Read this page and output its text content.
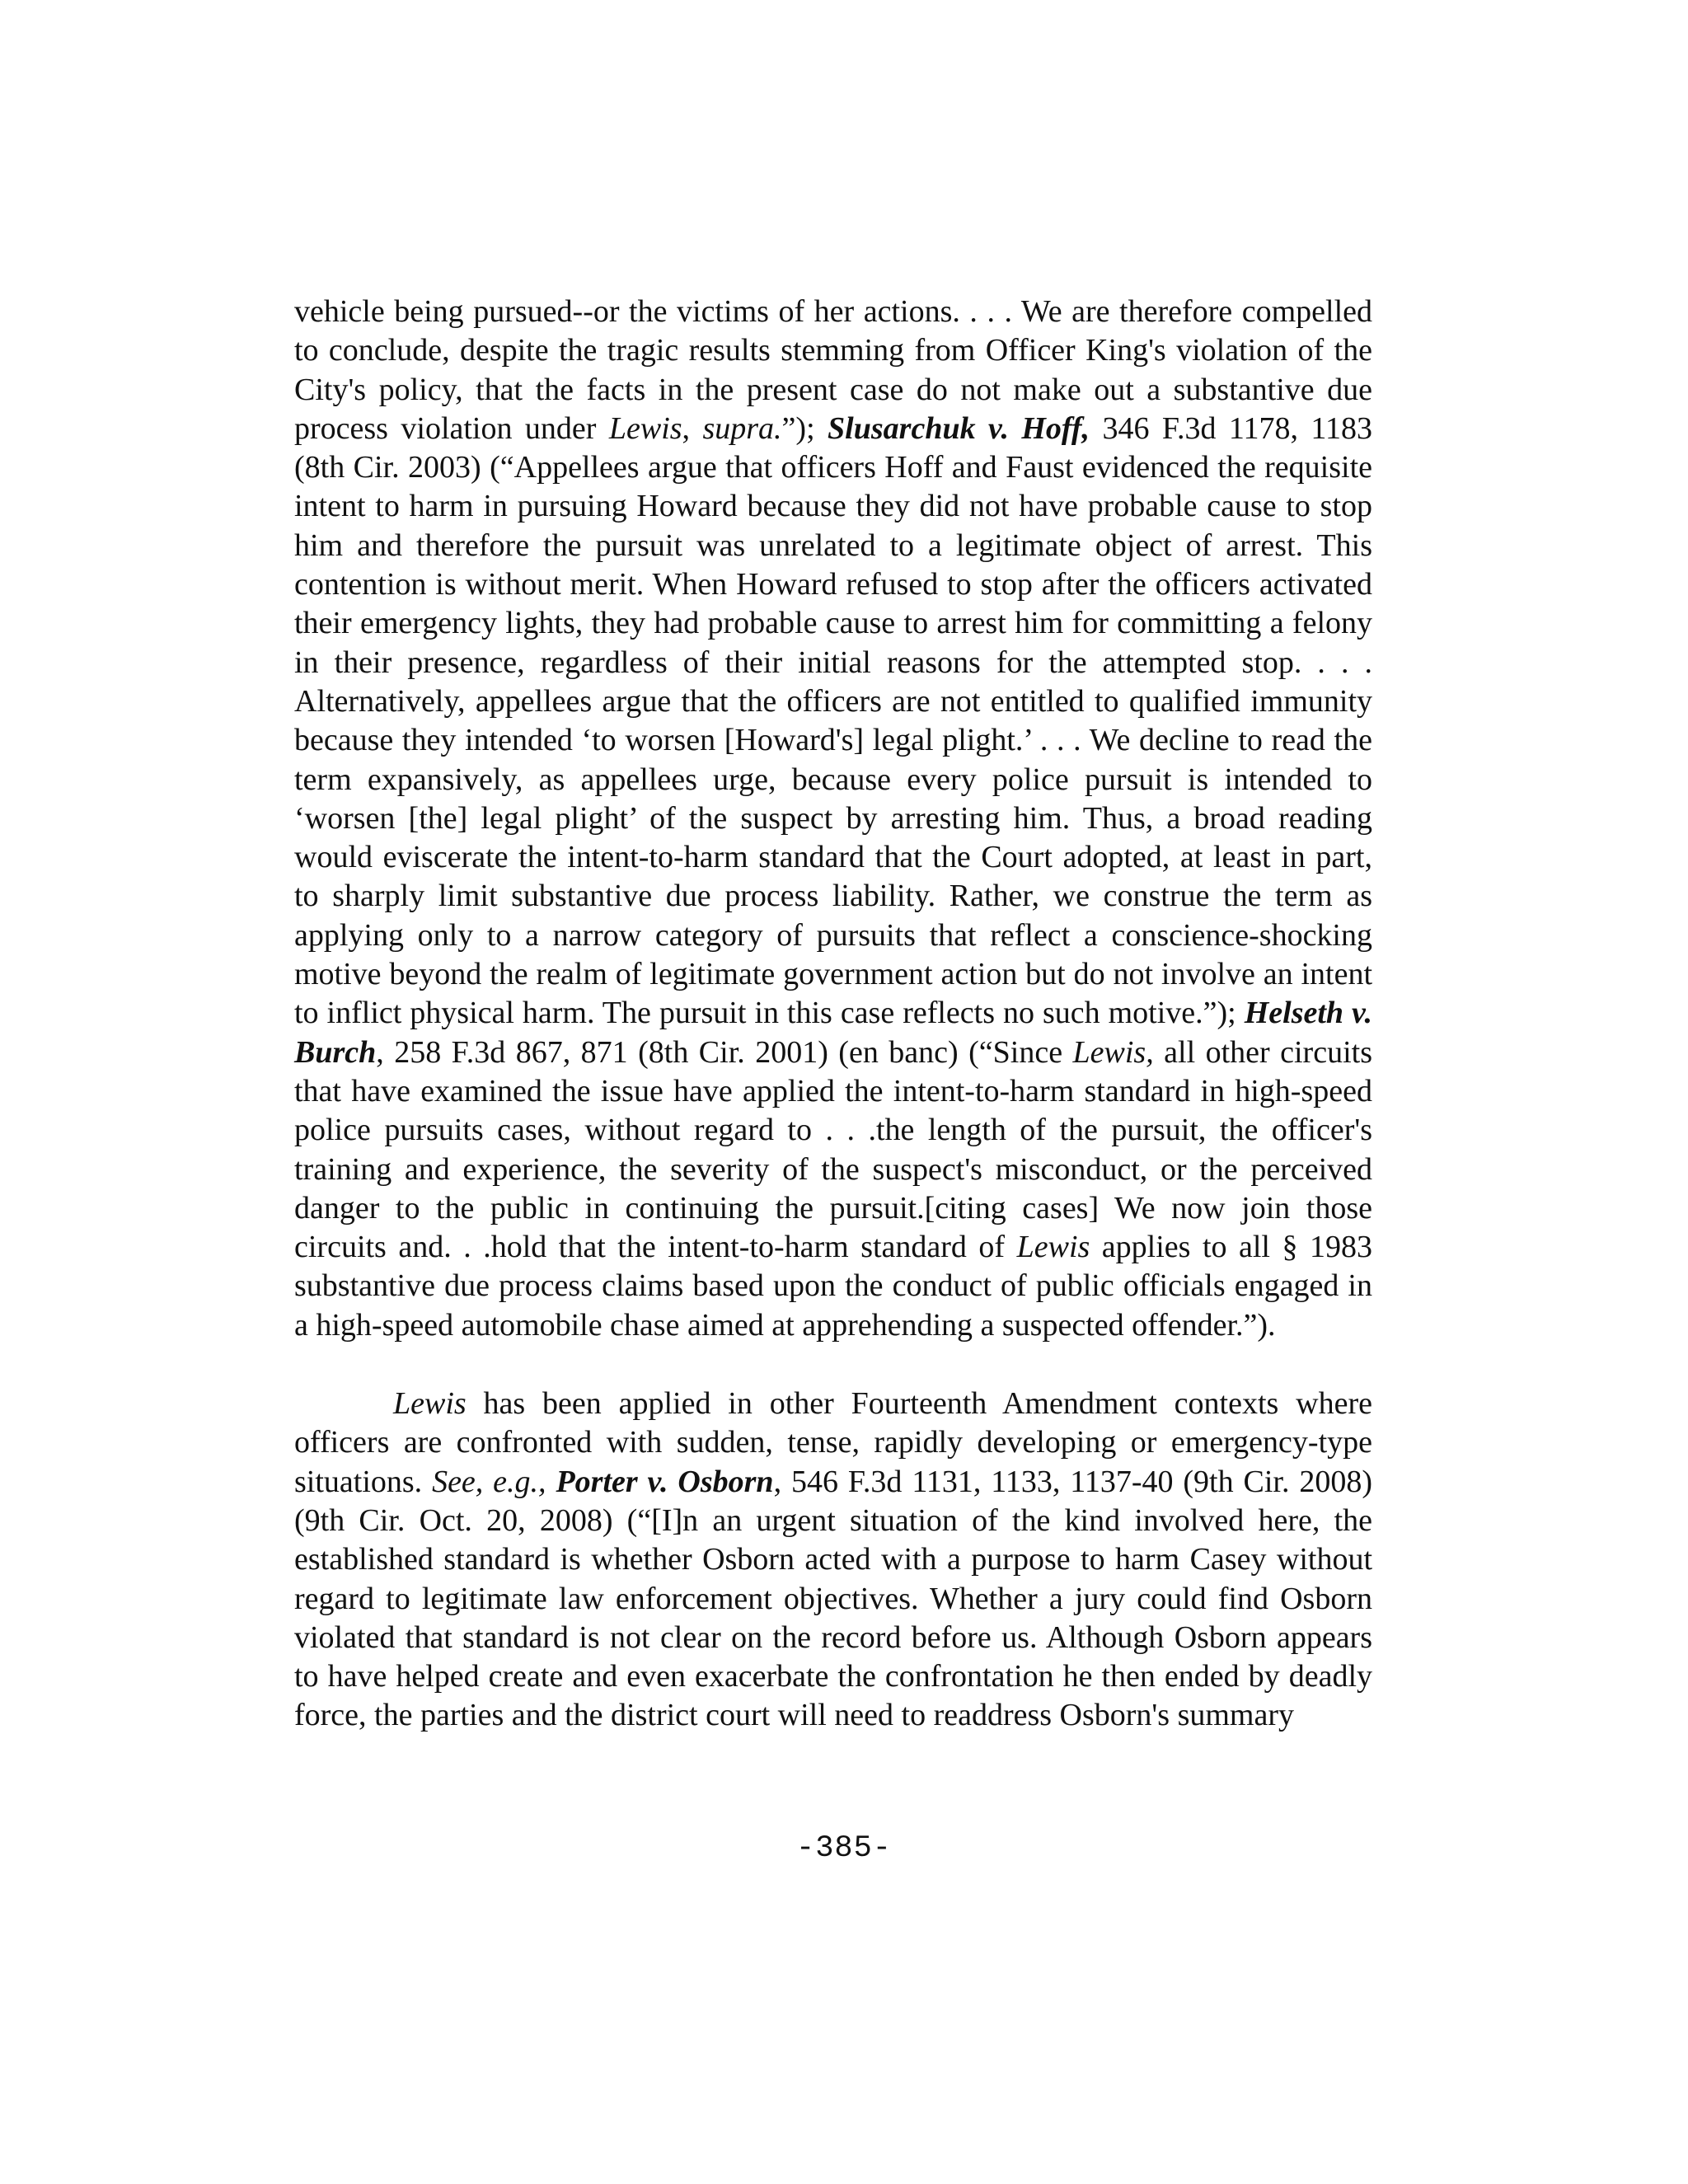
vehicle being pursued--or the victims of her actions. . . . We are therefore compelled to conclude, despite the tragic results stemming from Officer King's violation of the City's policy, that the facts in the present case do not make out a substantive due process violation under Lewis, supra.”); Slusarchuk v. Hoff, 346 F.3d 1178, 1183 (8th Cir. 2003) (“Appellees argue that officers Hoff and Faust evidenced the requisite intent to harm in pursuing Howard because they did not have probable cause to stop him and therefore the pursuit was unrelated to a legitimate object of arrest. This contention is without merit. When Howard refused to stop after the officers activated their emergency lights, they had probable cause to arrest him for committing a felony in their presence, regardless of their initial reasons for the attempted stop. . . . Alternatively, appellees argue that the officers are not entitled to qualified immunity because they intended ‘to worsen [Howard's] legal plight.’ . . . We decline to read the term expansively, as appellees urge, because every police pursuit is intended to ‘worsen [the] legal plight’ of the suspect by arresting him. Thus, a broad reading would eviscerate the intent-to-harm standard that the Court adopted, at least in part, to sharply limit substantive due process liability. Rather, we construe the term as applying only to a narrow category of pursuits that reflect a conscience-shocking motive beyond the realm of legitimate government action but do not involve an intent to inflict physical harm. The pursuit in this case reflects no such motive.”); Helseth v. Burch, 258 F.3d 867, 871 (8th Cir. 2001) (en banc) (“Since Lewis, all other circuits that have examined the issue have applied the intent-to-harm standard in high-speed police pursuits cases, without regard to . . .the length of the pursuit, the officer's training and experience, the severity of the suspect's misconduct, or the perceived danger to the public in continuing the pursuit.[citing cases] We now join those circuits and. . .hold that the intent-to-harm standard of Lewis applies to all § 1983 substantive due process claims based upon the conduct of public officials engaged in a high-speed automobile chase aimed at apprehending a suspected offender.”).

Lewis has been applied in other Fourteenth Amendment contexts where officers are confronted with sudden, tense, rapidly developing or emergency-type situations. See, e.g., Porter v. Osborn, 546 F.3d 1131, 1133, 1137-40 (9th Cir. 2008) (9th Cir. Oct. 20, 2008) (“[I]n an urgent situation of the kind involved here, the established standard is whether Osborn acted with a purpose to harm Casey without regard to legitimate law enforcement objectives. Whether a jury could find Osborn violated that standard is not clear on the record before us. Although Osborn appears to have helped create and even exacerbate the confrontation he then ended by deadly force, the parties and the district court will need to readdress Osborn's summary

-385-
